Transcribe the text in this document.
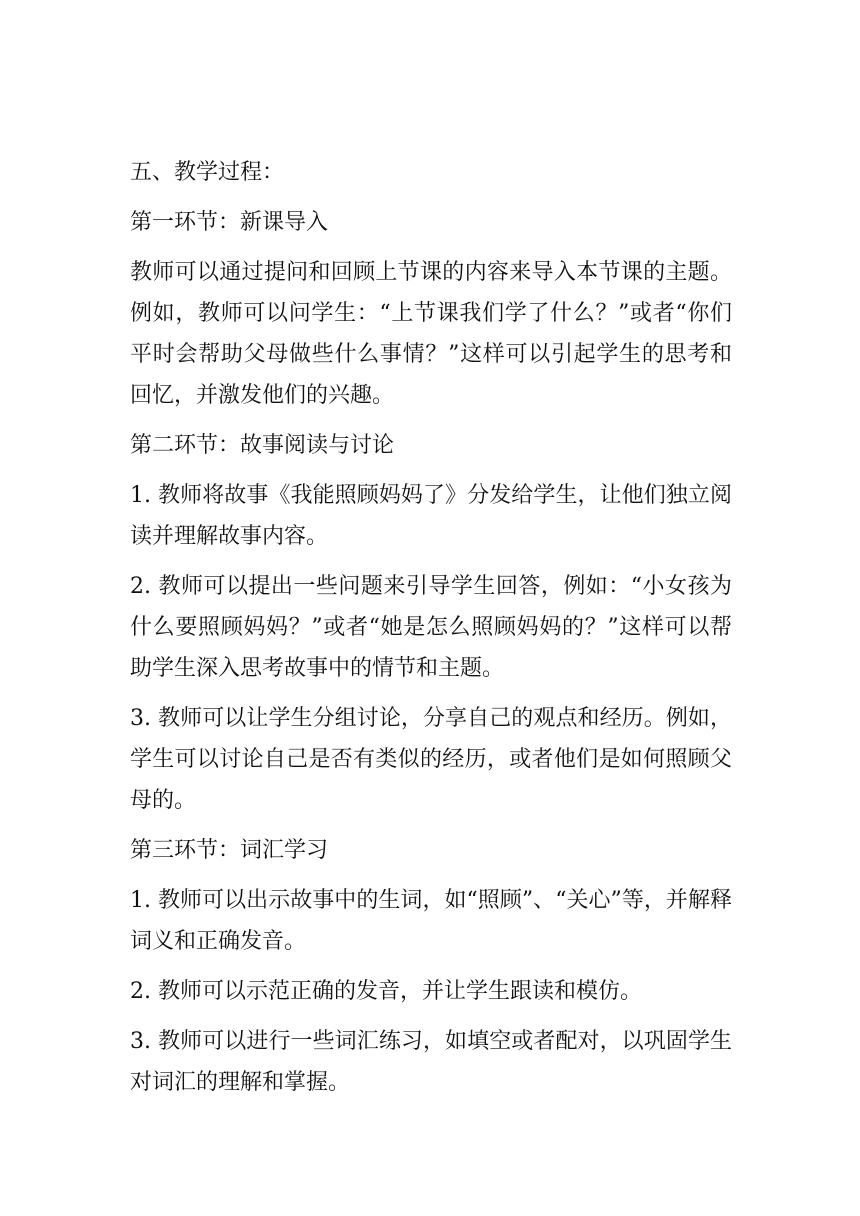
五、教学过程：
第一环节：新课导入
教师可以通过提问和回顾上节课的内容来导入本节课的主题。例如，教师可以问学生：“上节课我们学了什么？”或者“你们平时会帮助父母做些什么事情？”这样可以引起学生的思考和回忆，并激发他们的兴趣。
第二环节：故事阅读与讨论
1. 教师将故事《我能照顾妈妈了》分发给学生，让他们独立阅读并理解故事内容。
2. 教师可以提出一些问题来引导学生回答，例如：“小女孩为什么要照顾妈妈？”或者“她是怎么照顾妈妈的？”这样可以帮助学生深入思考故事中的情节和主题。
3. 教师可以让学生分组讨论，分享自己的观点和经历。例如，学生可以讨论自己是否有类似的经历，或者他们是如何照顾父母的。
第三环节：词汇学习
1. 教师可以出示故事中的生词，如“照顾”、“关心”等，并解释词义和正确发音。
2. 教师可以示范正确的发音，并让学生跟读和模仿。
3. 教师可以进行一些词汇练习，如填空或者配对，以巩固学生对词汇的理解和掌握。
